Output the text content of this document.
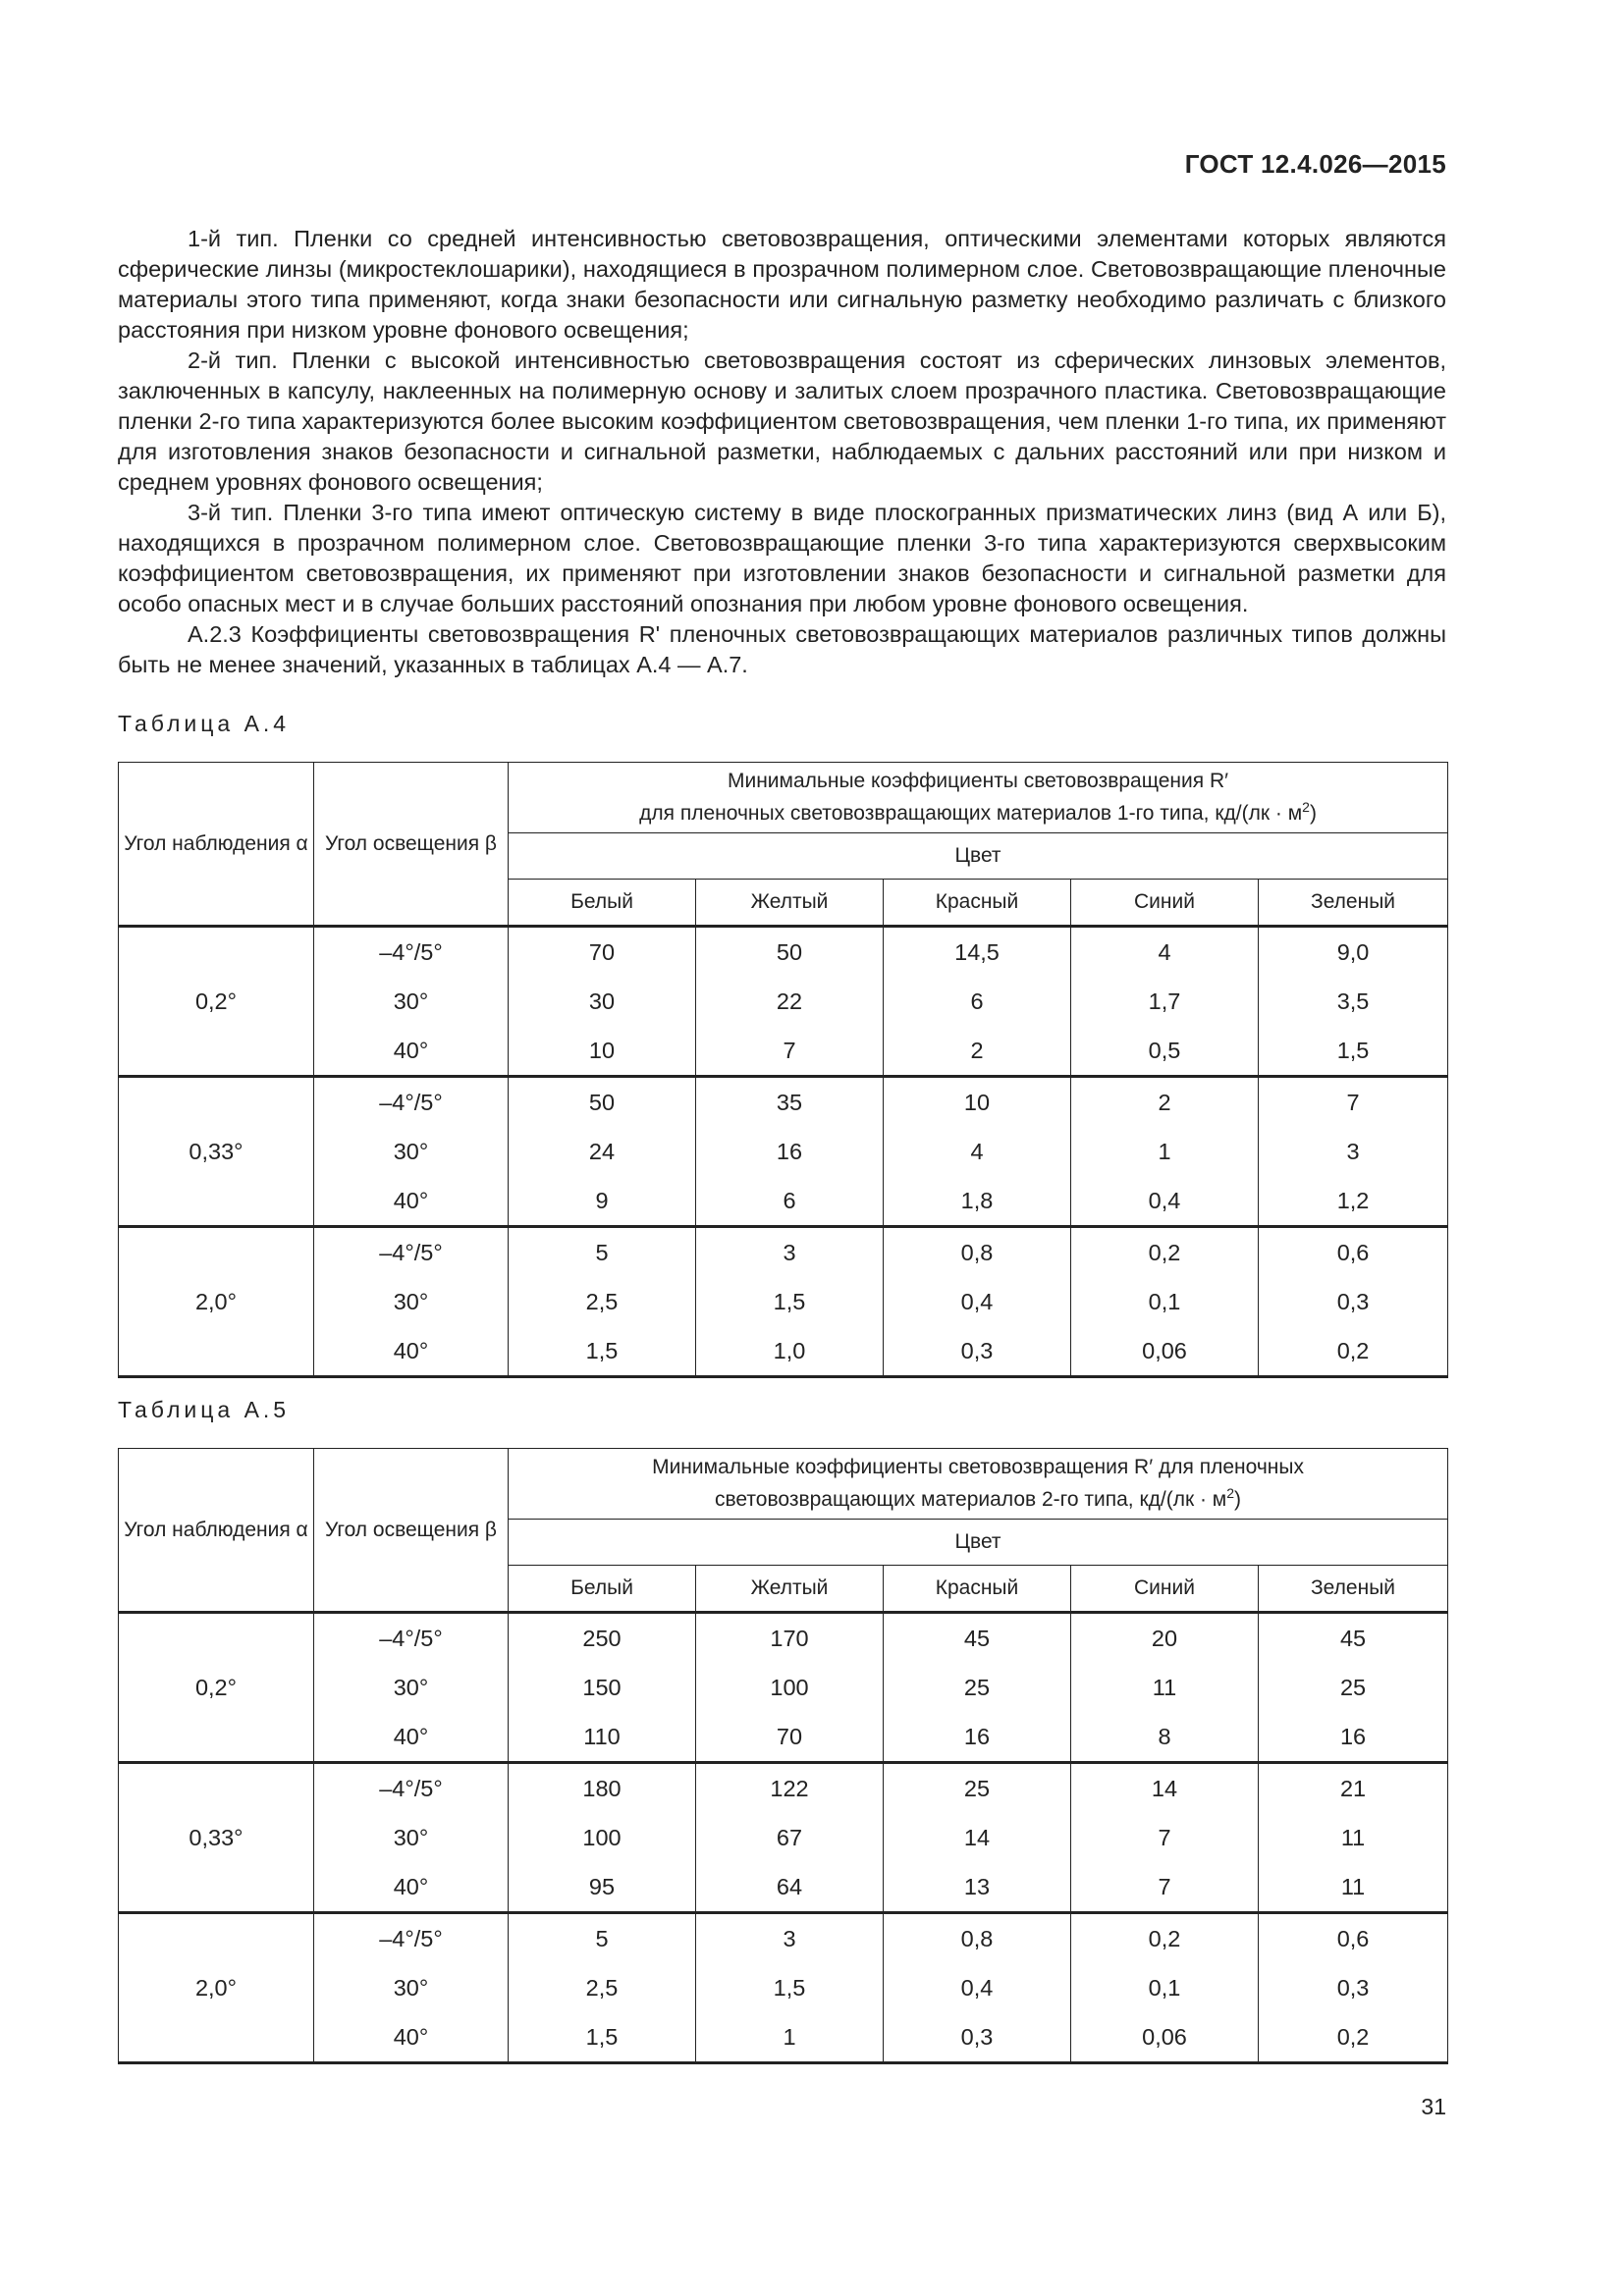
ГОСТ 12.4.026—2015

1-й тип. Пленки со средней интенсивностью световозвращения, оптическими элементами которых являются сферические линзы (микростеклошарики), находящиеся в прозрачном полимерном слое. Световозвращающие пленочные материалы этого типа применяют, когда знаки безопасности или сигнальную разметку необходимо различать с близкого расстояния при низком уровне фонового освещения;

2-й тип. Пленки с высокой интенсивностью световозвращения состоят из сферических линзовых элементов, заключенных в капсулу, наклеенных на полимерную основу и залитых слоем прозрачного пластика. Световозвращающие пленки 2-го типа характеризуются более высоким коэффициентом световозвращения, чем пленки 1-го типа, их применяют для изготовления знаков безопасности и сигнальной разметки, наблюдаемых с дальних расстояний или при низком и среднем уровнях фонового освещения;

3-й тип. Пленки 3-го типа имеют оптическую систему в виде плоскогранных призматических линз (вид А или Б), находящихся в прозрачном полимерном слое. Световозвращающие пленки 3-го типа характеризуются сверхвысоким коэффициентом световозвращения, их применяют при изготовлении знаков безопасности и сигнальной разметки для особо опасных мест и в случае больших расстояний опознания при любом уровне фонового освещения.

А.2.3 Коэффициенты световозвращения R' пленочных световозвращающих материалов различных типов должны быть не менее значений, указанных в таблицах А.4 — А.7.

Таблица А.4
Угол наблюдения α	Угол освещения β	Минимальные коэффициенты световозвращения R′
для пленочных световозвращающих материалов 1-го типа, $кд/(лк \cdot м^2)$				
		Цвет				
		Белый	Желтый	Красный	Синий	Зеленый
0,2°	–4°/5°	70	50	14,5	4	9,0
	30°	30	22	6	1,7	3,5
	40°	10	7	2	0,5	1,5
0,33°	–4°/5°	50	35	10	2	7
	30°	24	16	4	1	3
	40°	9	6	1,8	0,4	1,2
2,0°	–4°/5°	5	3	0,8	0,2	0,6
	30°	2,5	1,5	0,4	0,1	0,3
	40°	1,5	1,0	0,3	0,06	0,2
Таблица А.5
Угол наблюдения α	Угол освещения β	Минимальные коэффициенты световозвращения R′ для пленочных
световозвращающих материалов 2-го типа, $кд/(лк \cdot м^2)$				
		Цвет				
		Белый	Желтый	Красный	Синий	Зеленый
0,2°	–4°/5°	250	170	45	20	45
	30°	150	100	25	11	25
	40°	110	70	16	8	16
0,33°	–4°/5°	180	122	25	14	21
	30°	100	67	14	7	11
	40°	95	64	13	7	11
2,0°	–4°/5°	5	3	0,8	0,2	0,6
	30°	2,5	1,5	0,4	0,1	0,3
	40°	1,5	1	0,3	0,06	0,2
31
